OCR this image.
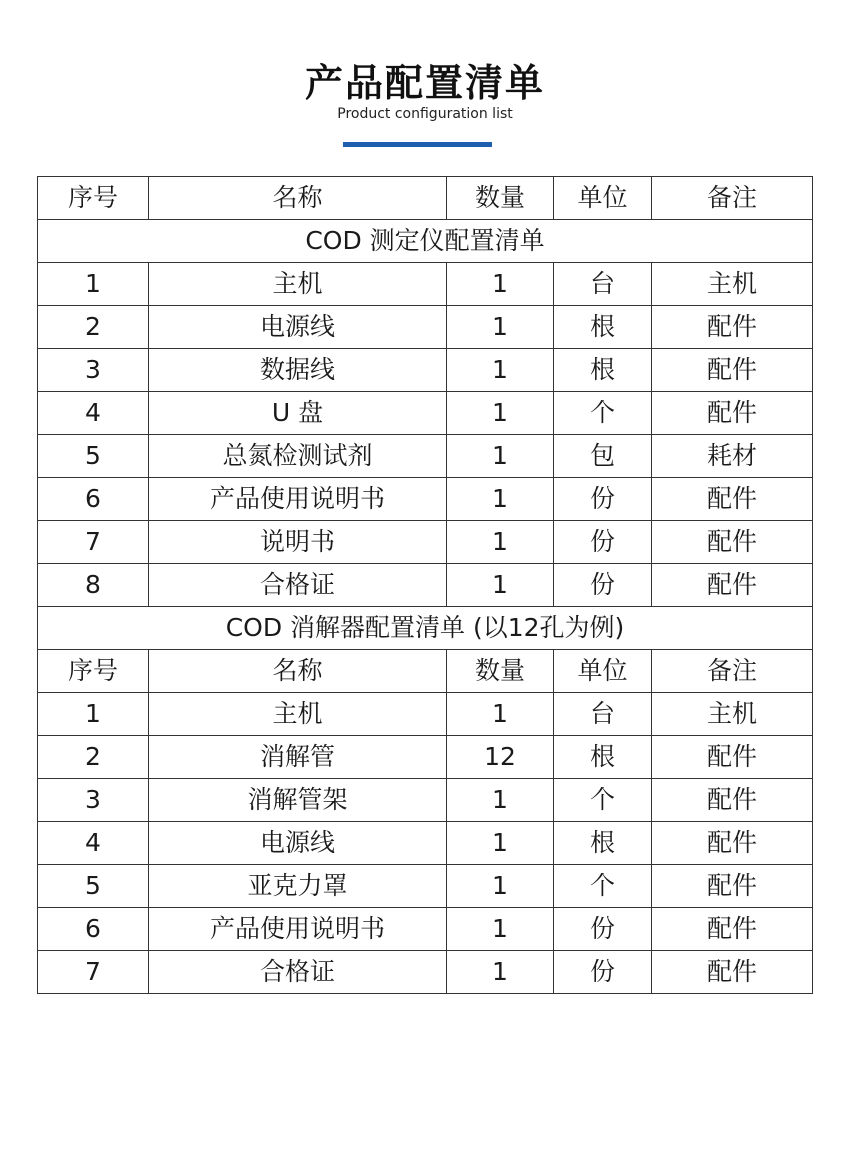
产品配置清单
Product configuration list
序号	名称	数量	单位	备注
COD 测定仪配置清单				
1	主机	1	台	主机
2	电源线	1	根	配件
3	数据线	1	根	配件
4	U 盘	1	个	配件
5	总氮检测试剂	1	包	耗材
6	产品使用说明书	1	份	配件
7	说明书	1	份	配件
8	合格证	1	份	配件
COD 消解器配置清单 (以12孔为例)				
序号	名称	数量	单位	备注
1	主机	1	台	主机
2	消解管	12	根	配件
3	消解管架	1	个	配件
4	电源线	1	根	配件
5	亚克力罩	1	个	配件
6	产品使用说明书	1	份	配件
7	合格证	1	份	配件
